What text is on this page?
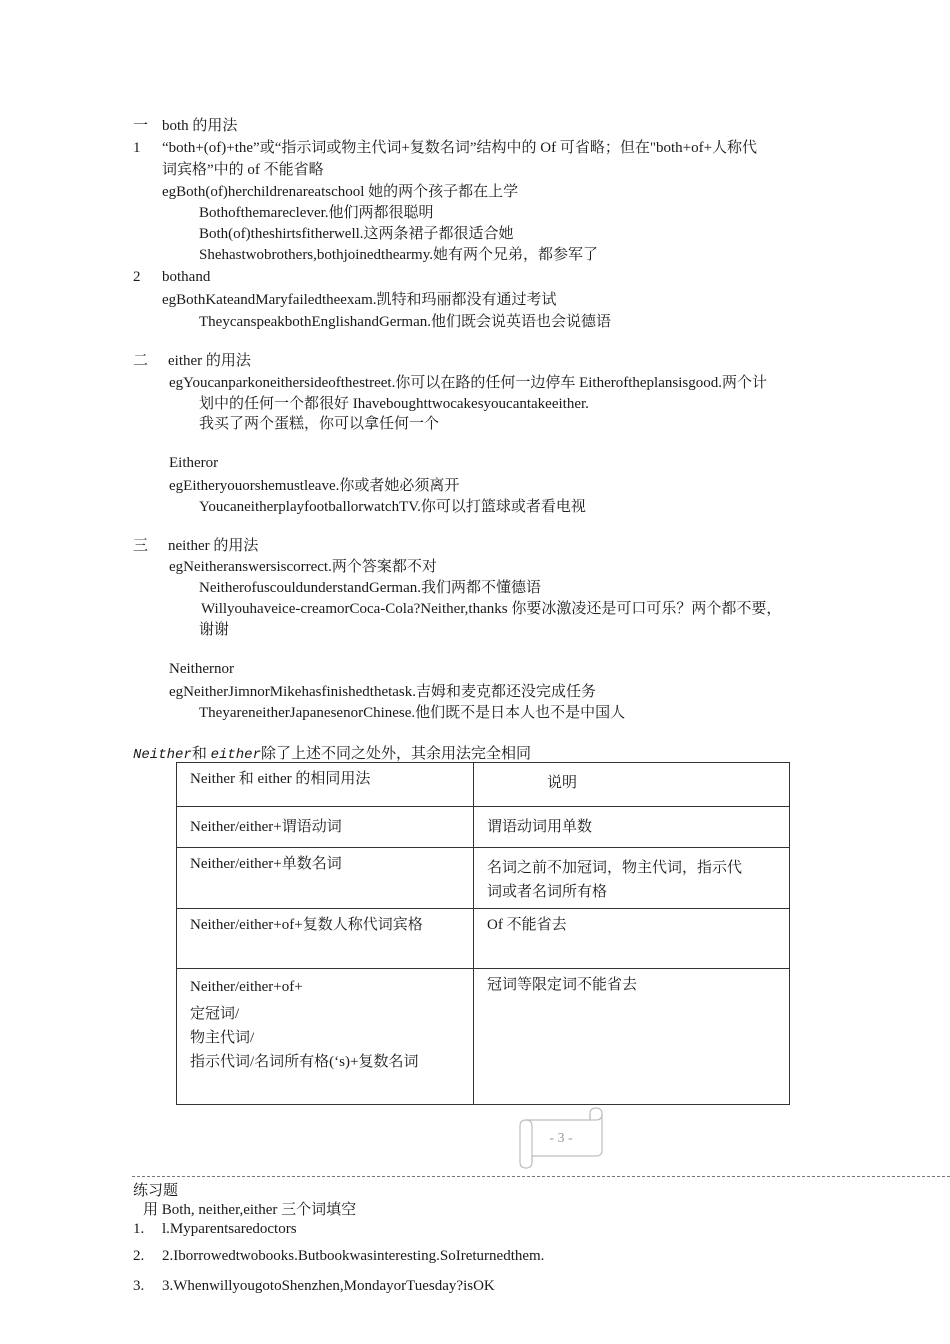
一 both 的用法
1 “both+(of)+the”或“指示词或物主代词+复数名词”结构中的 Of 可省略；但在"both+of+人称代
词宾格”中的 of 不能省略
egBoth(of)herchildrenareatschool 她的两个孩子都在上学
Bothofthemareclever.他们两都很聪明
Both(of)theshirtsfitherwell.这两条裙子都很适合她
Shehastwobrothers,bothjoinedthearmy.她有两个兄弟，都参军了
2 bothand
egBothKateandMaryfailedtheexam.凯特和玛丽都没有通过考试
TheycanspeakbothEnglishandGerman.他们既会说英语也会说德语
二 either 的用法
egYoucanparkoneithersideofthestreet.你可以在路的任何一边停车 Eitheroftheplansisgood.两个计
划中的任何一个都很好 Ihaveboughttwocakesyoucantakeeither.
我买了两个蛋糕，你可以拿任何一个
Eitheror
egEitheryouorshemustleave.你或者她必须离开
YoucaneitherplayfootballorwatchTV.你可以打篮球或者看电视
三 neither 的用法
egNeitheranswersiscorrect.两个答案都不对
NeitherofuscouldunderstandGerman.我们两都不懂德语
Willyouhaveice-creamorCoca-Cola?Neither,thanks 你要冰激凌还是可口可乐？两个都不要，
谢谢
Neithernor
egNeitherJimnorMikehasfinishedthetask.吉姆和麦克都还没完成任务
TheyareneitherJapanesenorChinese.他们既不是日本人也不是中国人
Neither和 either除了上述不同之处外，其余用法完全相同
Neither 和 either 的相同用法	说明
Neither/either+谓语动词	谓语动词用单数
Neither/either+单数名词	名词之前不加冠词，物主代词，指示代
词或者名词所有格

Neither/either+of+复数人称代词宾格	Of 不能省去

Neither/either+of+
定冠词/
物主代词/
指示代词/名词所有格(‘s)+复数名词	冠词等限定词不能省去
- 3 -
练习题
用 Both, neither,either 三个词填空
1. l.Myparentsaredoctors
2. 2.Iborrowedtwobooks.Butbookwasinteresting.SoIreturnedthem.
3. 3.WhenwillyougotoShenzhen,MondayorTuesday?isOK
